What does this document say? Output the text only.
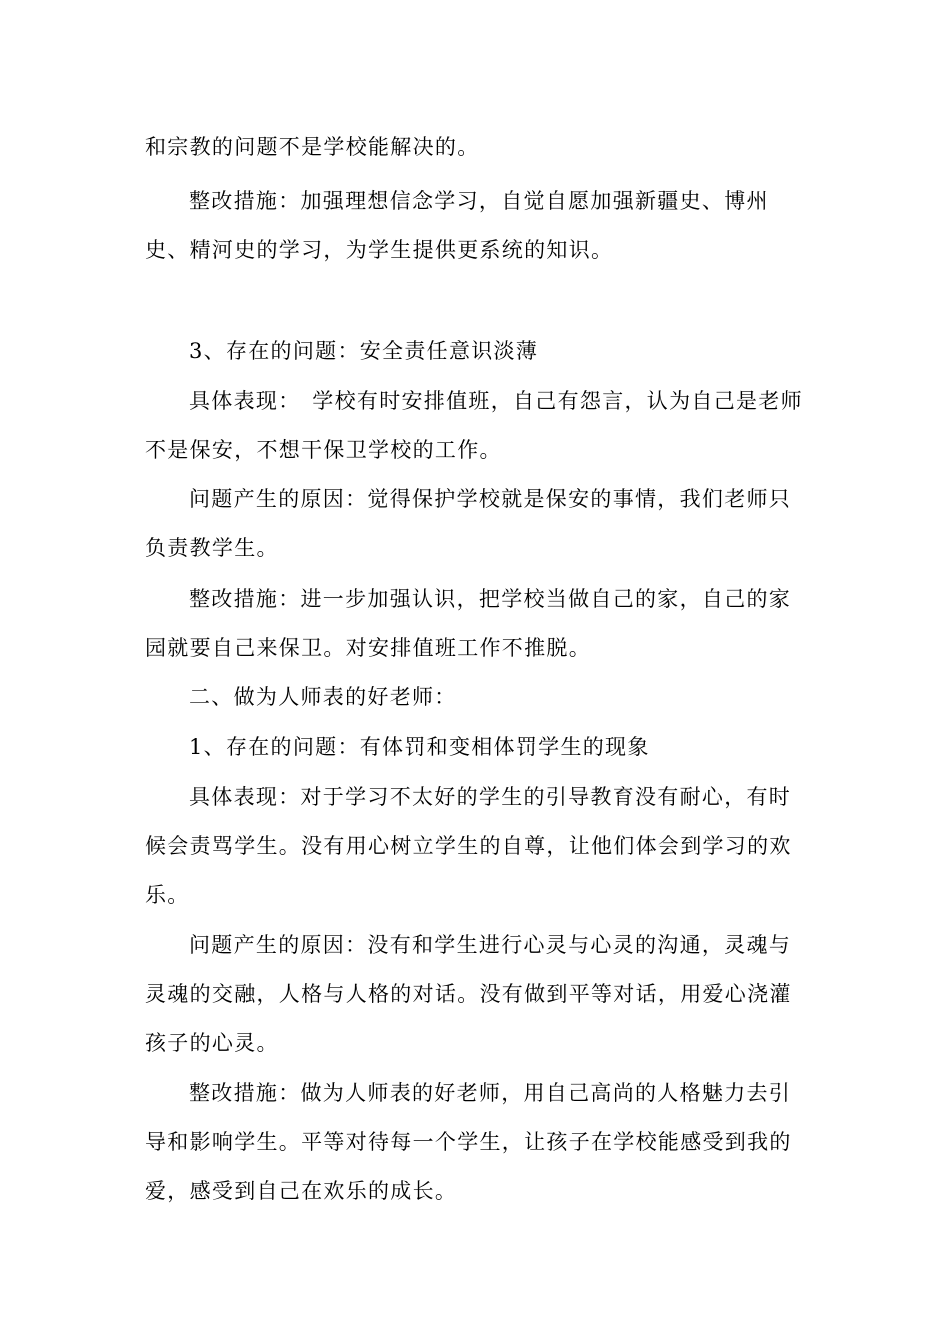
和宗教的问题不是学校能解决的。

整改措施：加强理想信念学习，自觉自愿加强新疆史、博州史、精河史的学习，为学生提供更系统的知识。

3、存在的问题：安全责任意识淡薄

具体表现：　学校有时安排值班，自己有怨言，认为自己是老师不是保安，不想干保卫学校的工作。

问题产生的原因：觉得保护学校就是保安的事情，我们老师只负责教学生。

整改措施：进一步加强认识，把学校当做自己的家，自己的家园就要自己来保卫。对安排值班工作不推脱。

二、做为人师表的好老师：

1、存在的问题：有体罚和变相体罚学生的现象

具体表现：对于学习不太好的学生的引导教育没有耐心，有时候会责骂学生。没有用心树立学生的自尊，让他们体会到学习的欢乐。

问题产生的原因：没有和学生进行心灵与心灵的沟通，灵魂与灵魂的交融，人格与人格的对话。没有做到平等对话，用爱心浇灌孩子的心灵。

整改措施：做为人师表的好老师，用自己高尚的人格魅力去引导和影响学生。平等对待每一个学生，让孩子在学校能感受到我的爱，感受到自己在欢乐的成长。
